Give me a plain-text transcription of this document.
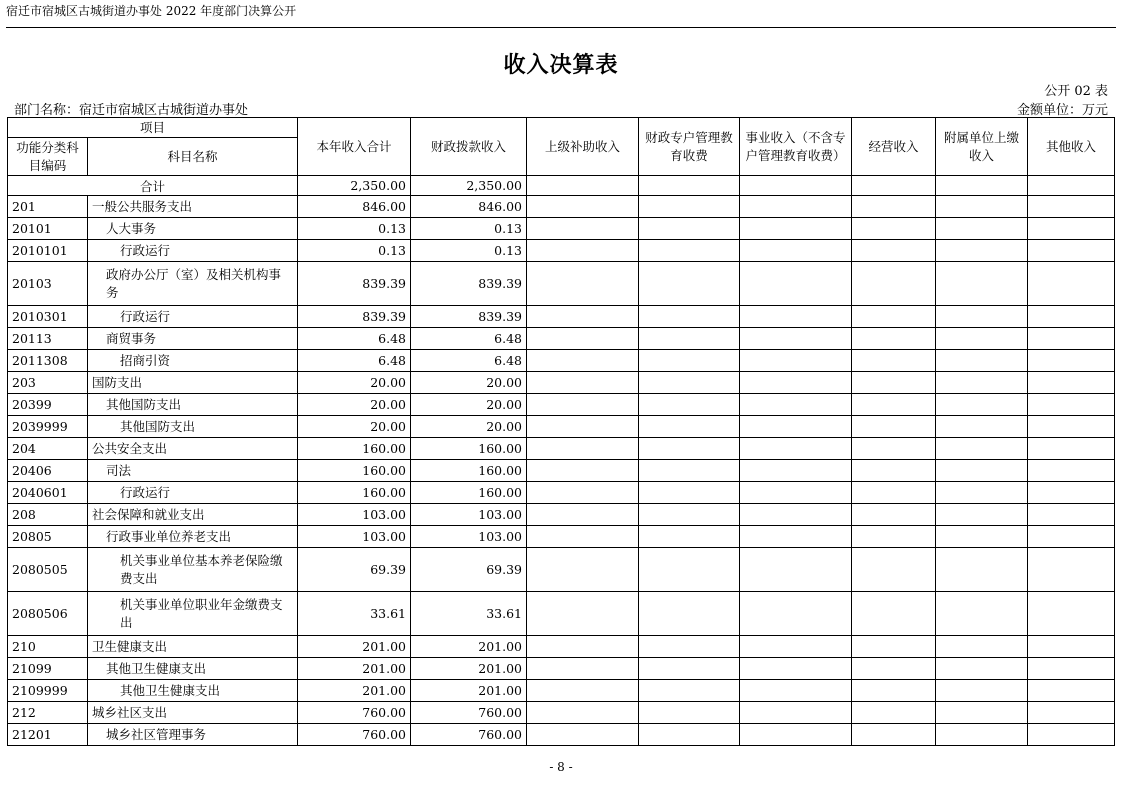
宿迁市宿城区古城街道办事处 2022 年度部门决算公开
收入决算表
公开 02 表
部门名称：宿迁市宿城区古城街道办事处	金额单位：万元
项目		本年收入合计	财政拨款收入	上级补助收入	财政专户管理教育收费	事业收入（不含专户管理教育收费）	经营收入	附属单位上缴收入	其他收入
功能分类科目编码	科目名称								
合计		2,350.00	2,350.00						
201	一般公共服务支出	846.00	846.00						
20101	人大事务	0.13	0.13						
2010101	行政运行	0.13	0.13						
20103	政府办公厅（室）及相关机构事务	839.39	839.39						
2010301	行政运行	839.39	839.39						
20113	商贸事务	6.48	6.48						
2011308	招商引资	6.48	6.48						
203	国防支出	20.00	20.00						
20399	其他国防支出	20.00	20.00						
2039999	其他国防支出	20.00	20.00						
204	公共安全支出	160.00	160.00						
20406	司法	160.00	160.00						
2040601	行政运行	160.00	160.00						
208	社会保障和就业支出	103.00	103.00						
20805	行政事业单位养老支出	103.00	103.00						
2080505	机关事业单位基本养老保险缴费支出	69.39	69.39						
2080506	机关事业单位职业年金缴费支出	33.61	33.61						
210	卫生健康支出	201.00	201.00						
21099	其他卫生健康支出	201.00	201.00						
2109999	其他卫生健康支出	201.00	201.00						
212	城乡社区支出	760.00	760.00						
21201	城乡社区管理事务	760.00	760.00						
- 8 -
